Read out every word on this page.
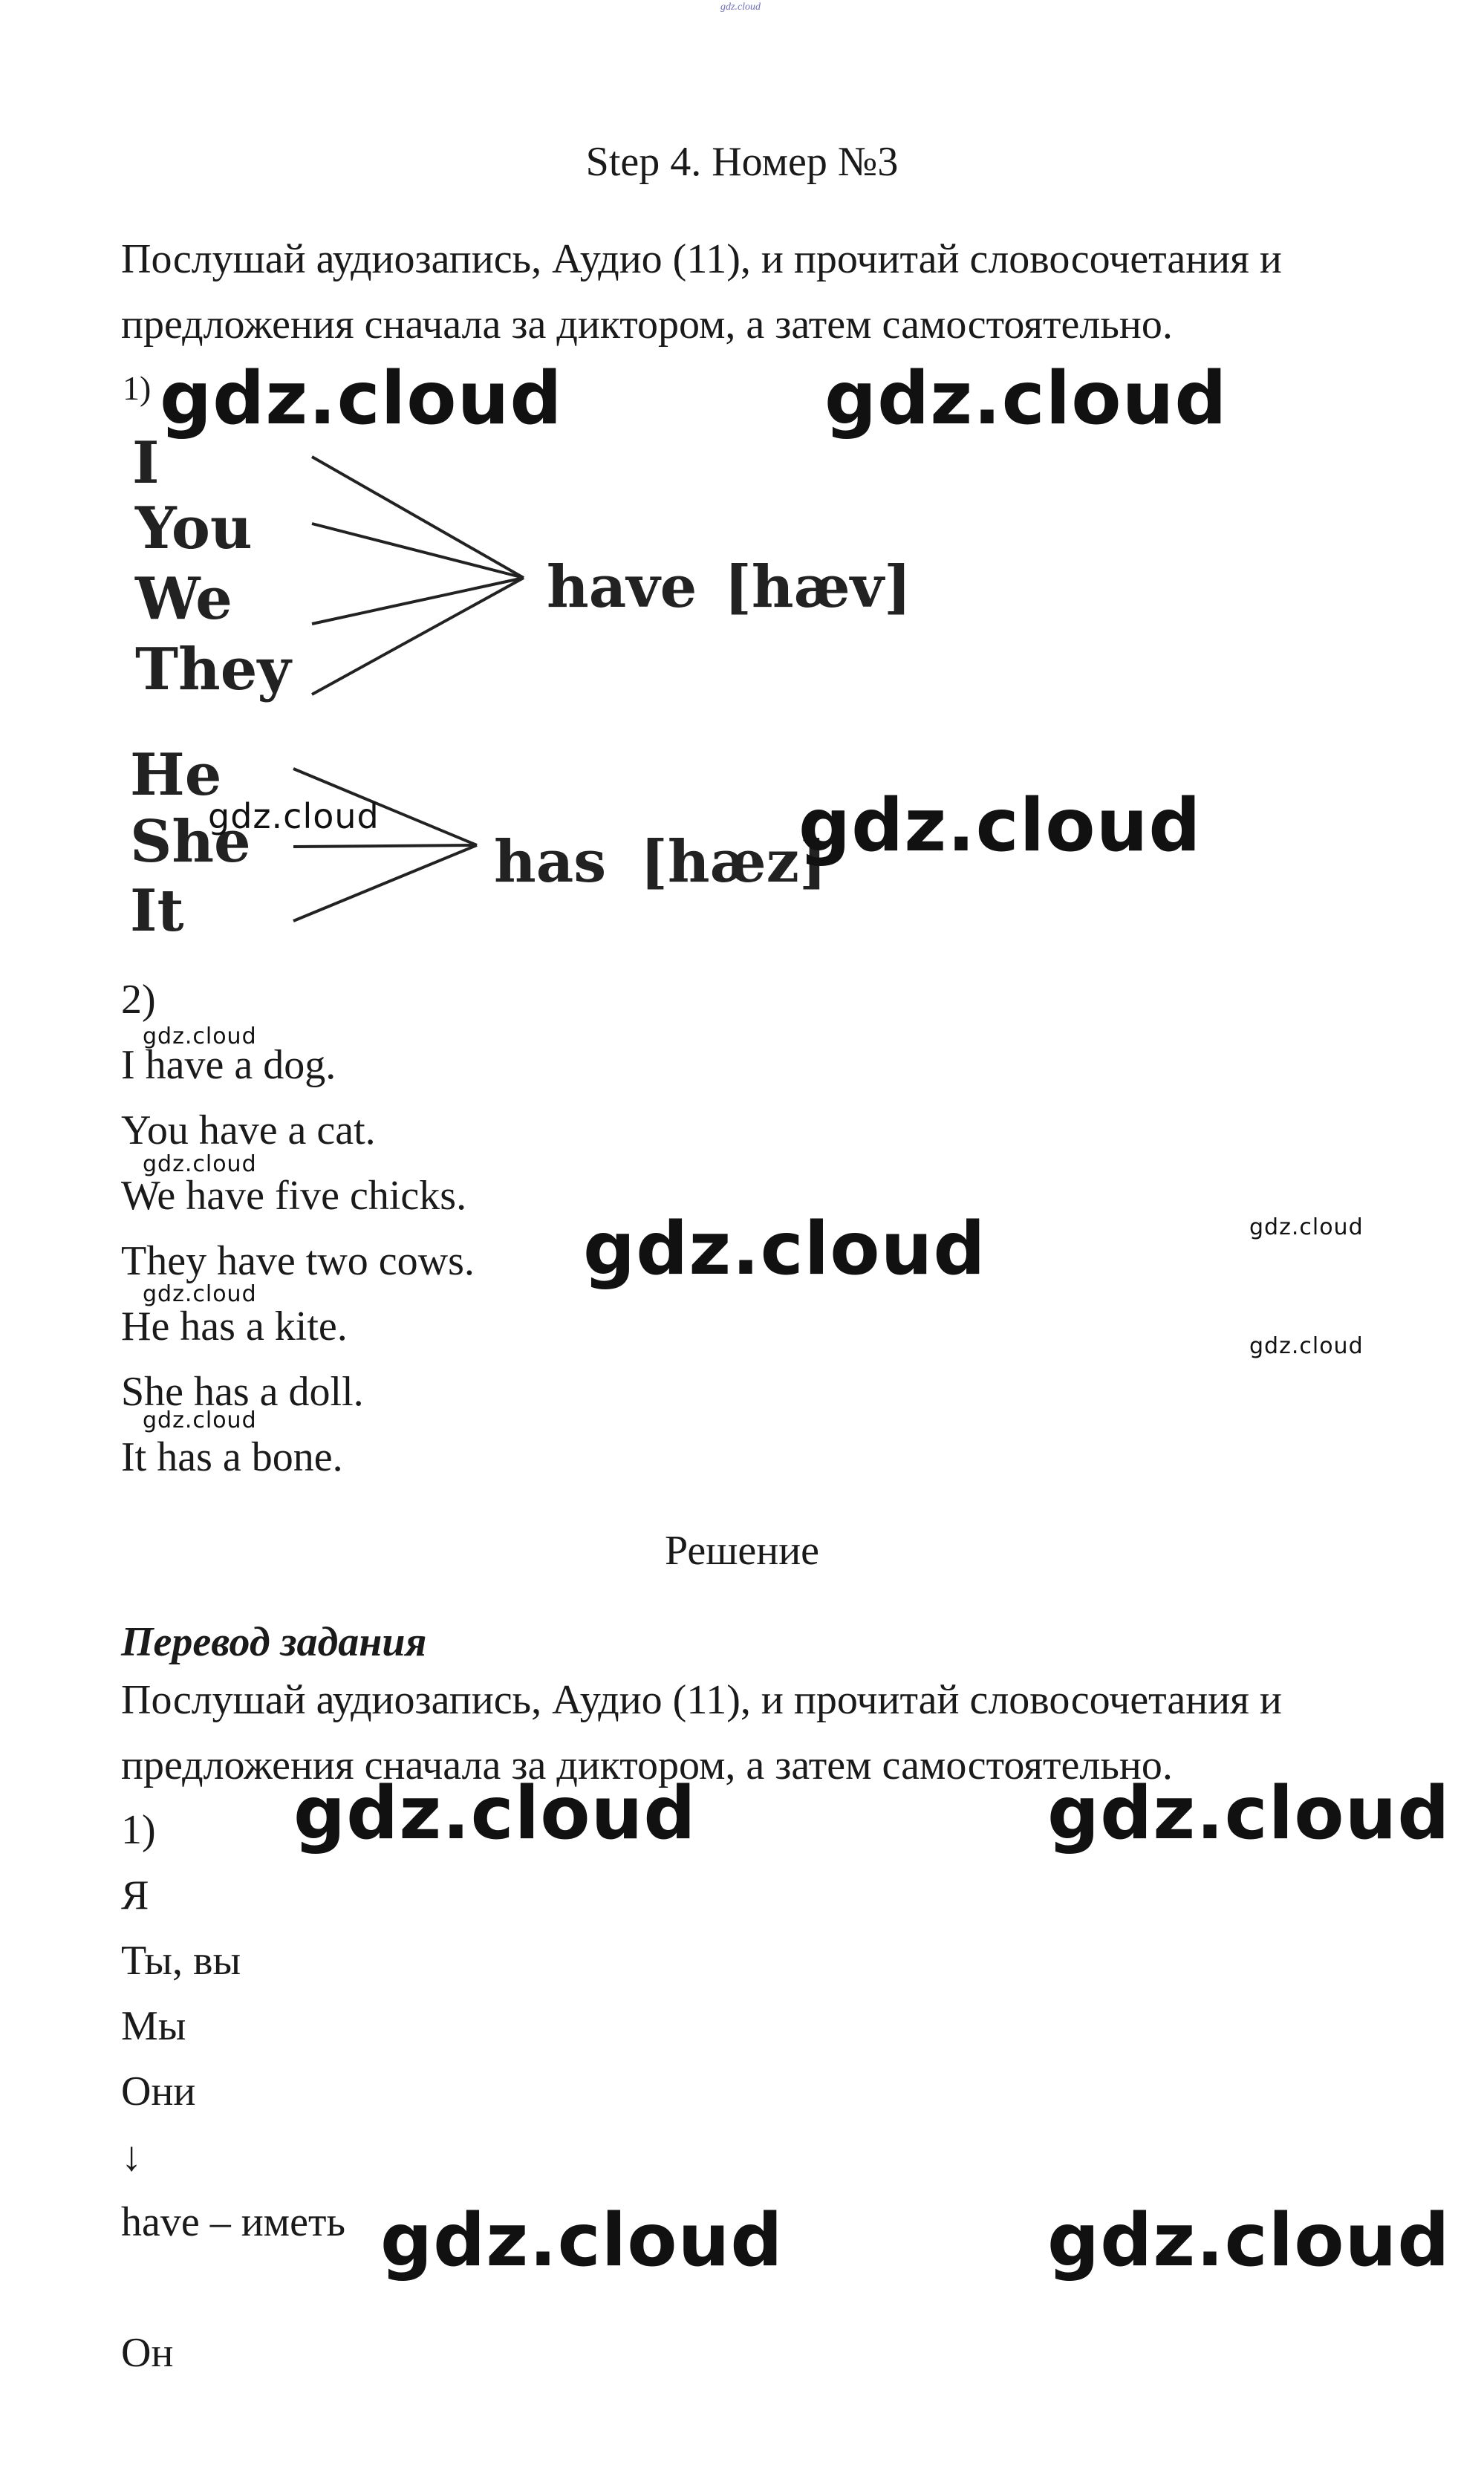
gdz.cloud
Step 4. Номер №3
Послушай аудиозапись, Аудио (11), и прочитай словосочетания и
предложения сначала за диктором, а затем самостоятельно.
1)
I
You
We
They
have [hæv]
He
She
It
has [hæz]
2)
I have a dog.
You have a cat.
We have five chicks.
They have two cows.
He has a kite.
She has a doll.
It has a bone.
Решение
Перевод задания
Послушай аудиозапись, Аудио (11), и прочитай словосочетания и
предложения сначала за диктором, а затем самостоятельно.
1)
Я
Ты, вы
Мы
Они
↓
have – иметь
Он
gdz.cloud	gdz.cloud
gdz.cloud
gdz.cloud
gdz.cloud	gdz.cloud
gdz.cloud	gdz.cloud
gdz.cloud
gdz.cloud
gdz.cloud
gdz.cloud
gdz.cloud
gdz.cloud
gdz.cloud
